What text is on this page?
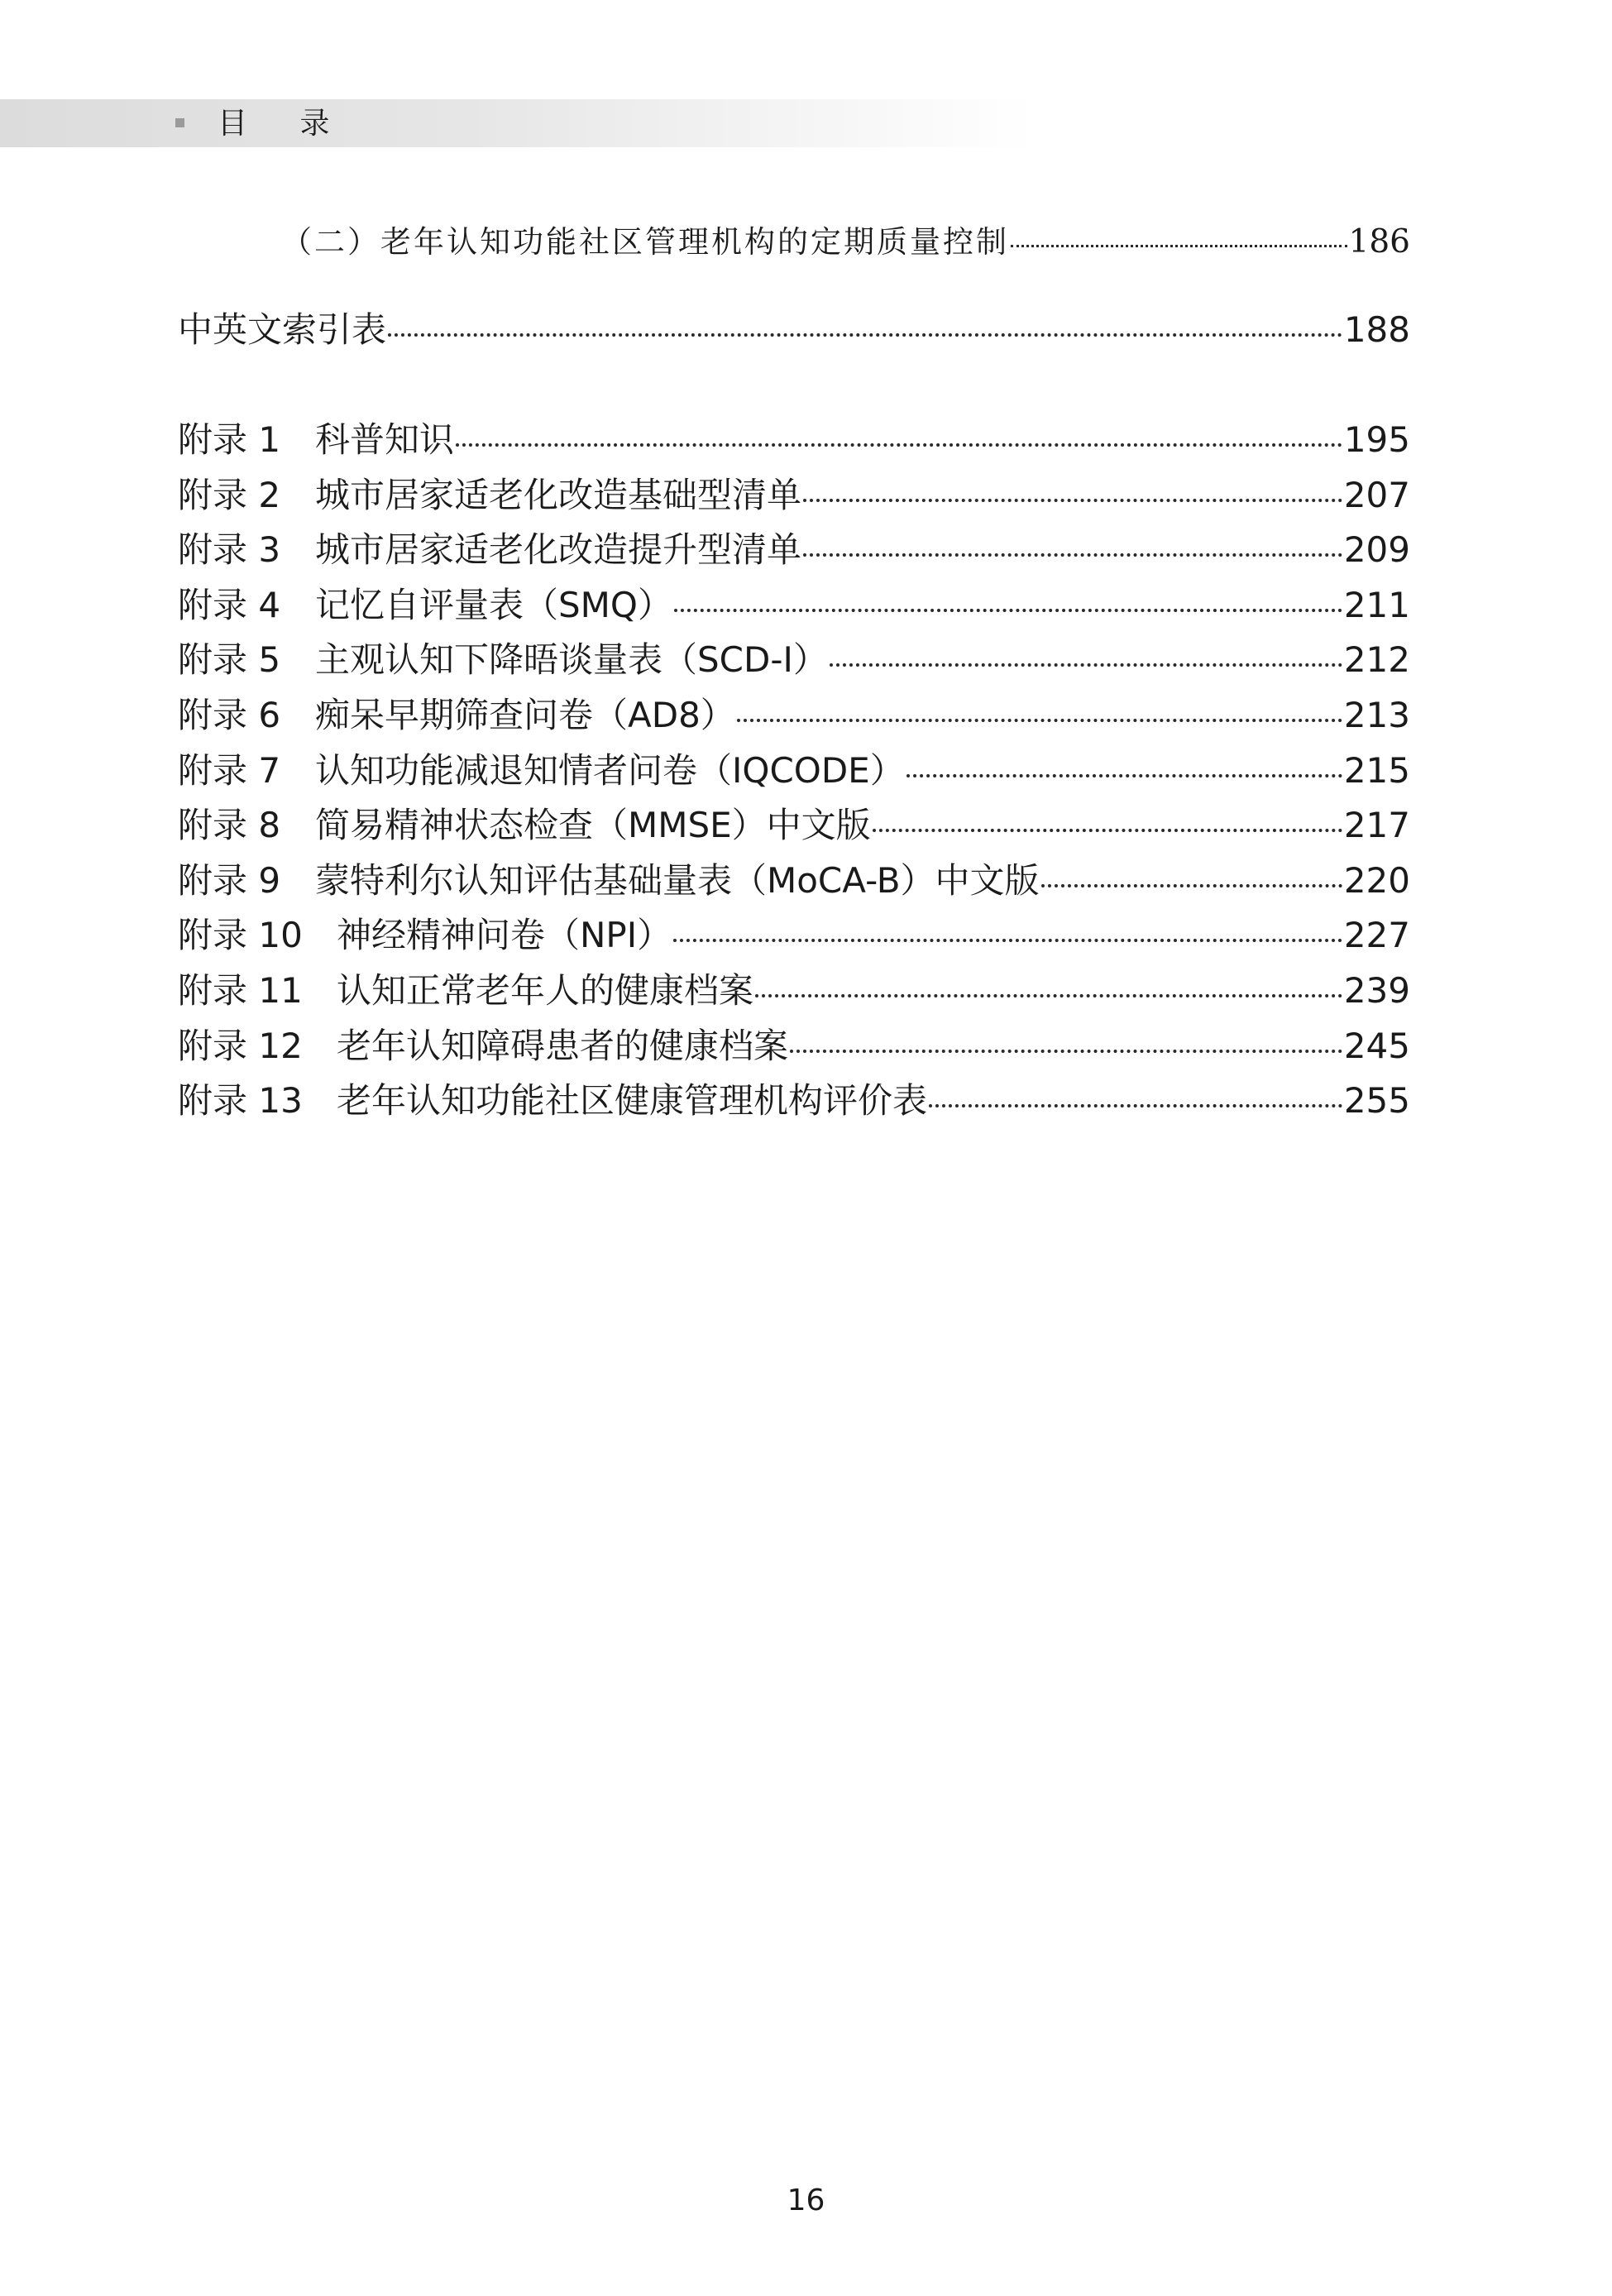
目 录
（二）老年认知功能社区管理机构的定期质量控制	186
中英文索引表	188
附录 1 科普知识	195
附录 2 城市居家适老化改造基础型清单	207
附录 3 城市居家适老化改造提升型清单	209
附录 4 记忆自评量表（SMQ）	211
附录 5 主观认知下降晤谈量表（SCD-I）	212
附录 6 痴呆早期筛查问卷（AD8）	213
附录 7 认知功能减退知情者问卷（IQCODE）	215
附录 8 简易精神状态检查（MMSE）中文版	217
附录 9 蒙特利尔认知评估基础量表（MoCA-B）中文版	220
附录 10 神经精神问卷（NPI）	227
附录 11 认知正常老年人的健康档案	239
附录 12 老年认知障碍患者的健康档案	245
附录 13 老年认知功能社区健康管理机构评价表	255
16
